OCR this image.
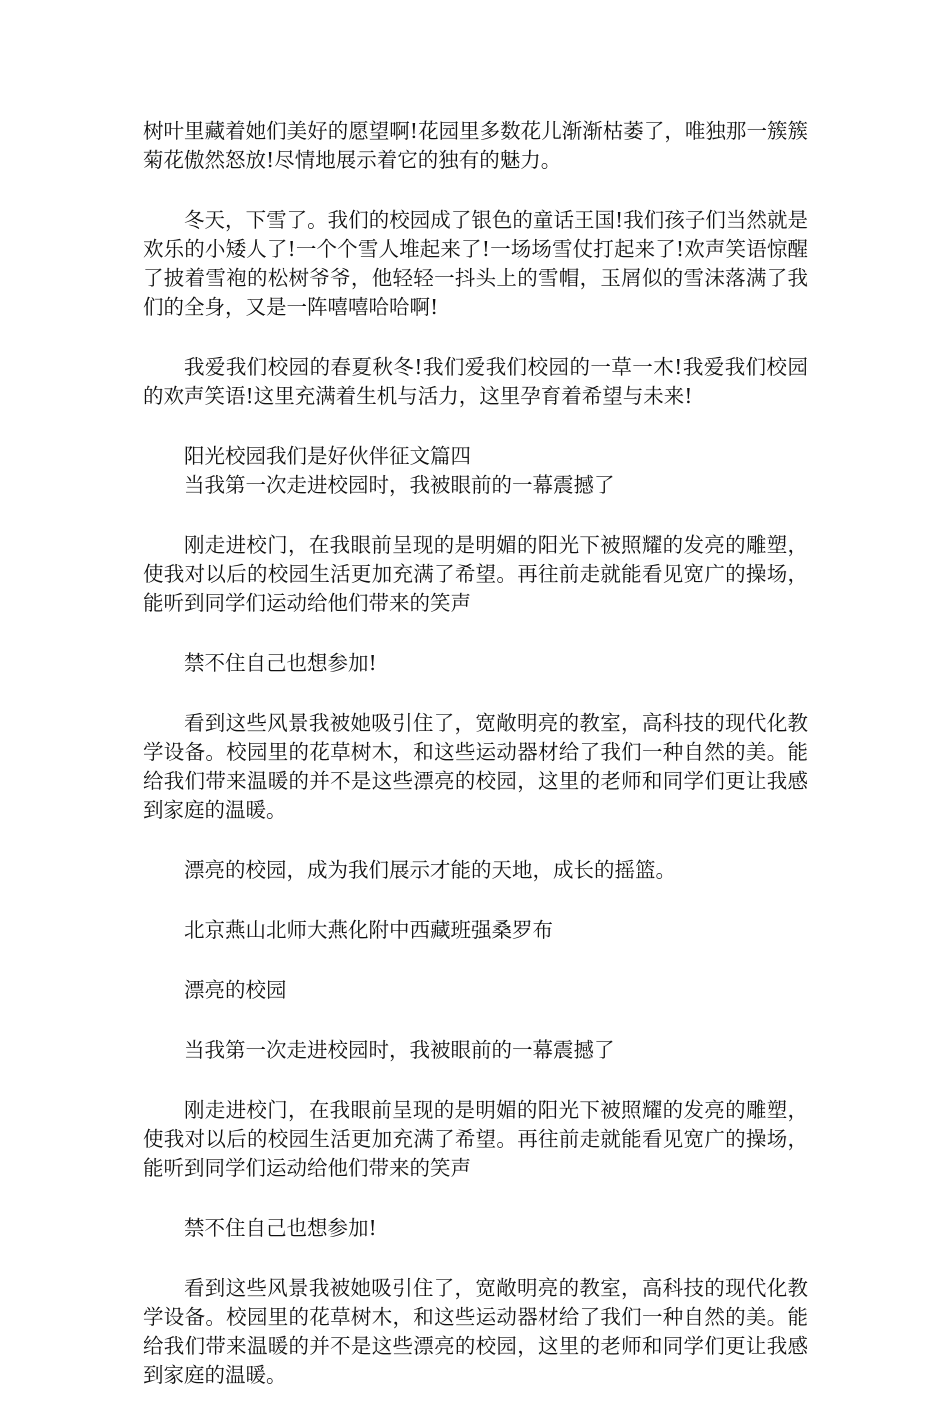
树叶里藏着她们美好的愿望啊!花园里多数花儿渐渐枯萎了，唯独那一簇簇菊花傲然怒放!尽情地展示着它的独有的魅力。

冬天，下雪了。我们的校园成了银色的童话王国!我们孩子们当然就是欢乐的小矮人了!一个个雪人堆起来了!一场场雪仗打起来了!欢声笑语惊醒了披着雪袍的松树爷爷，他轻轻一抖头上的雪帽，玉屑似的雪沫落满了我们的全身，又是一阵嘻嘻哈哈啊!

我爱我们校园的春夏秋冬!我们爱我们校园的一草一木!我爱我们校园的欢声笑语!这里充满着生机与活力，这里孕育着希望与未来!

阳光校园我们是好伙伴征文篇四

当我第一次走进校园时，我被眼前的一幕震撼了

刚走进校门，在我眼前呈现的是明媚的阳光下被照耀的发亮的雕塑，使我对以后的校园生活更加充满了希望。再往前走就能看见宽广的操场，能听到同学们运动给他们带来的笑声

禁不住自己也想参加!

看到这些风景我被她吸引住了，宽敞明亮的教室，高科技的现代化教学设备。校园里的花草树木，和这些运动器材给了我们一种自然的美。能给我们带来温暖的并不是这些漂亮的校园，这里的老师和同学们更让我感到家庭的温暖。

漂亮的校园，成为我们展示才能的天地，成长的摇篮。

北京燕山北师大燕化附中西藏班强桑罗布

漂亮的校园

当我第一次走进校园时，我被眼前的一幕震撼了

刚走进校门，在我眼前呈现的是明媚的阳光下被照耀的发亮的雕塑，使我对以后的校园生活更加充满了希望。再往前走就能看见宽广的操场，能听到同学们运动给他们带来的笑声

禁不住自己也想参加!

看到这些风景我被她吸引住了，宽敞明亮的教室，高科技的现代化教学设备。校园里的花草树木，和这些运动器材给了我们一种自然的美。能给我们带来温暖的并不是这些漂亮的校园，这里的老师和同学们更让我感到家庭的温暖。
